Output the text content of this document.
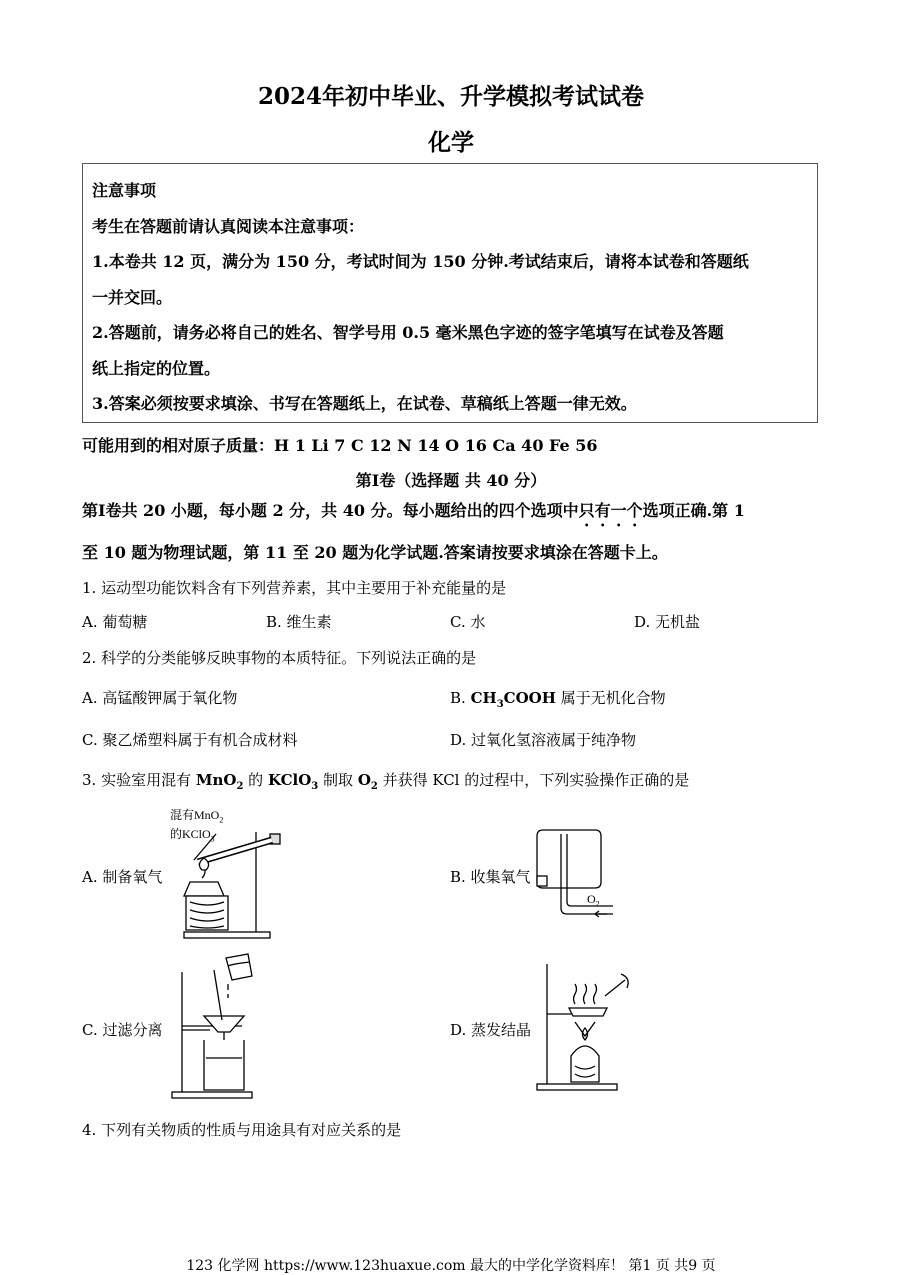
2024年初中毕业、升学模拟考试试卷
化学
注意事项
考生在答题前请认真阅读本注意事项：
1.本卷共 12 页，满分为 150 分，考试时间为 150 分钟.考试结束后，请将本试卷和答题纸
一并交回。
2.答题前，请务必将自己的姓名、智学号用 0.5 毫米黑色字迹的签字笔填写在试卷及答题
纸上指定的位置。
3.答案必须按要求填涂、书写在答题纸上，在试卷、草稿纸上答题一律无效。
可能用到的相对原子质量：H 1 Li 7 C 12 N 14 O 16 Ca 40 Fe 56
第Ⅰ卷（选择题 共 40 分）
第Ⅰ卷共 20 小题，每小题 2 分，共 40 分。每小题给出的四个选项中只有一个选项正确.第 1
至 10 题为物理试题，第 11 至 20 题为化学试题.答案请按要求填涂在答题卡上。
1. 运动型功能饮料含有下列营养素，其中主要用于补充能量的是
A. 葡萄糖	B. 维生素	C. 水	D. 无机盐
2. 科学的分类能够反映事物的本质特征。下列说法正确的是
A. 高锰酸钾属于氧化物	B. $CH_3COOH$ 属于无机化合物
C. 聚乙烯塑料属于有机合成材料	D. 过氧化氢溶液属于纯净物
3. 实验室用混有 MnO$_2$ 的 KClO$_3$ 制取 $O_2$ 并获得 KCl 的过程中，下列实验操作正确的是
A. 制备氧气	B. 收集氧气
C. 过滤分离	D. 蒸发结晶
混有MnO$_2$
的KClO$_3$
$O_2$
4. 下列有关物质的性质与用途具有对应关系的是
123 化学网 https://www.123huaxue.com 最大的中学化学资料库！ 第1 页 共9 页
